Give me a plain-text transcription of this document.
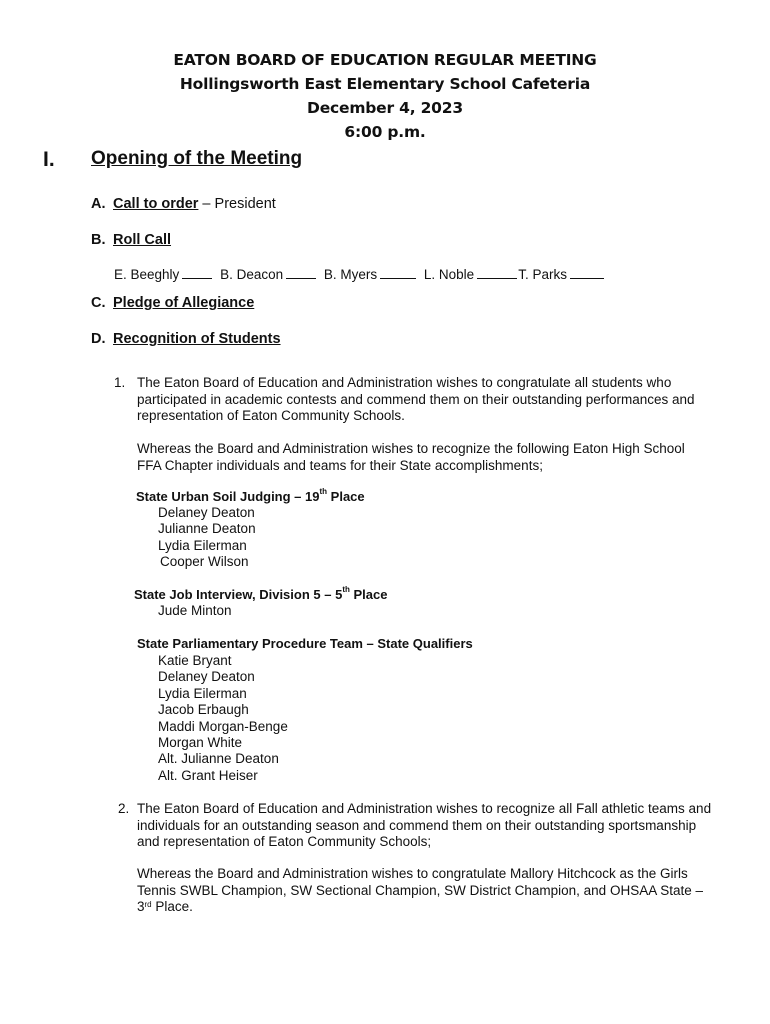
EATON BOARD OF EDUCATION REGULAR MEETING
Hollingsworth East Elementary School Cafeteria
December 4, 2023
6:00 p.m.
I. Opening of the Meeting
A. Call to order – President
B. Roll Call
E. Beeghly	B. Deacon	B. Myers	L. Noble	T. Parks
C. Pledge of Allegiance
D. Recognition of Students
1. The Eaton Board of Education and Administration wishes to congratulate all students who participated in academic contests and commend them on their outstanding performances and representation of Eaton Community Schools.
Whereas the Board and Administration wishes to recognize the following Eaton High School FFA Chapter individuals and teams for their State accomplishments;
State Urban Soil Judging – 19th Place
Delaney Deaton
Julianne Deaton
Lydia Eilerman
Cooper Wilson
State Job Interview, Division 5 – 5th Place
Jude Minton
State Parliamentary Procedure Team – State Qualifiers
Katie Bryant
Delaney Deaton
Lydia Eilerman
Jacob Erbaugh
Maddi Morgan-Benge
Morgan White
Alt. Julianne Deaton
Alt. Grant Heiser
2. The Eaton Board of Education and Administration wishes to recognize all Fall athletic teams and individuals for an outstanding season and commend them on their outstanding sportsmanship and representation of Eaton Community Schools;
Whereas the Board and Administration wishes to congratulate Mallory Hitchcock as the Girls Tennis SWBL Champion, SW Sectional Champion, SW District Champion, and OHSAA State – 3rd Place.
